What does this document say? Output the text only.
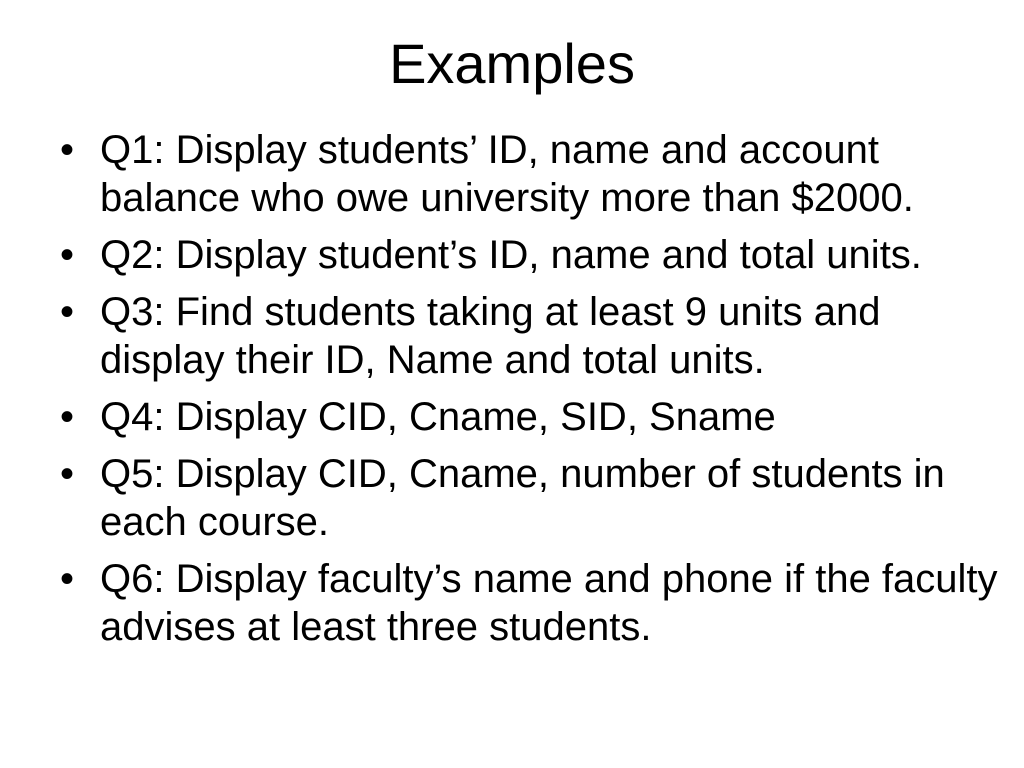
Examples
• Q1: Display students’ ID, name and account balance who owe university more than $2000.
• Q2: Display student’s ID, name and total units.
• Q3: Find students taking at least 9 units and display their ID, Name and total units.
• Q4: Display CID, Cname, SID, Sname
• Q5: Display CID, Cname, number of students in each course.
• Q6: Display faculty’s name and phone if the faculty advises at least three students.
